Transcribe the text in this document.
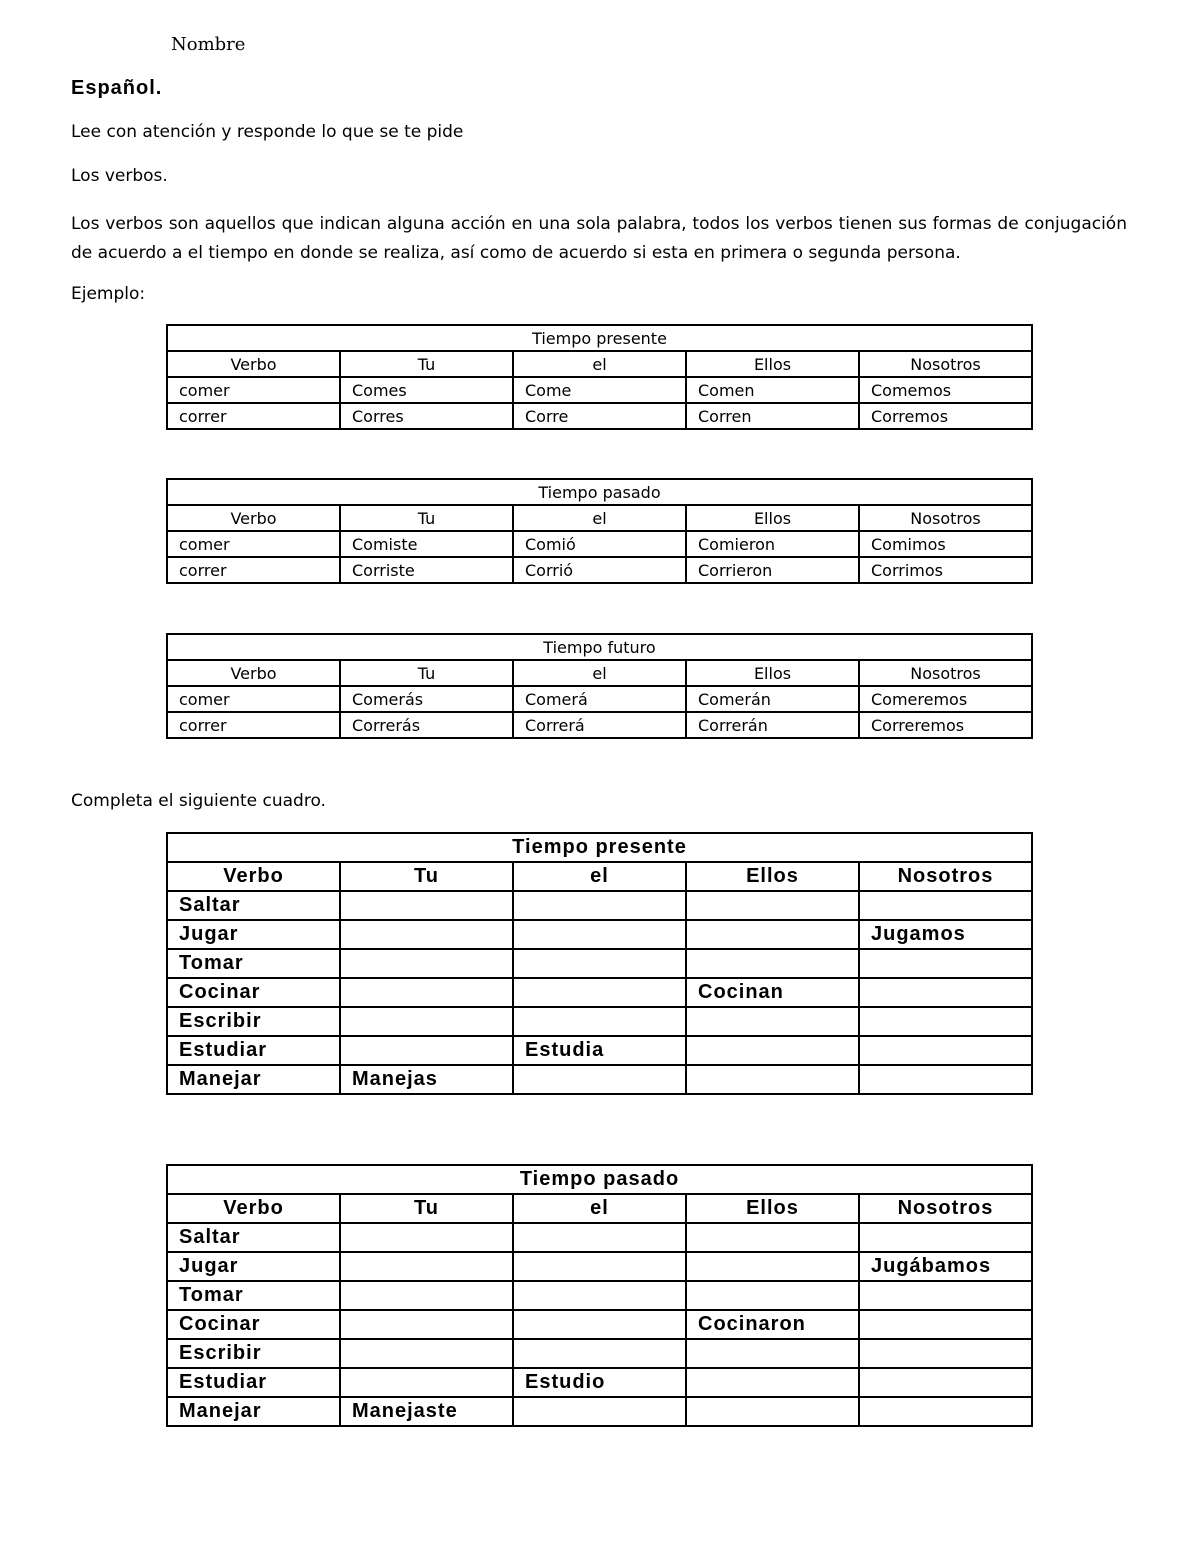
Nombre
Español.
Lee con atención y responde lo que se te pide
Los verbos.
Los verbos son aquellos que indican alguna acción en una sola palabra, todos los verbos tienen sus formas de conjugación de acuerdo a el tiempo en donde se realiza, así como de acuerdo si esta en primera o segunda persona.
Ejemplo:
Tiempo presente				
Verbo	Tu	el	Ellos	Nosotros
comer	Comes	Come	Comen	Comemos
correr	Corres	Corre	Corren	Corremos
Tiempo pasado				
Verbo	Tu	el	Ellos	Nosotros
comer	Comiste	Comió	Comieron	Comimos
correr	Corriste	Corrió	Corrieron	Corrimos
Tiempo futuro				
Verbo	Tu	el	Ellos	Nosotros
comer	Comerás	Comerá	Comerán	Comeremos
correr	Correrás	Correrá	Correrán	Correremos
Completa el siguiente cuadro.
Tiempo presente				
Verbo	Tu	el	Ellos	Nosotros
Saltar				
Jugar				Jugamos
Tomar				
Cocinar			Cocinan	
Escribir				
Estudiar		Estudia		
Manejar	Manejas			
Tiempo pasado				
Verbo	Tu	el	Ellos	Nosotros
Saltar				
Jugar				Jugábamos
Tomar				
Cocinar			Cocinaron	
Escribir				
Estudiar		Estudio		
Manejar	Manejaste			
